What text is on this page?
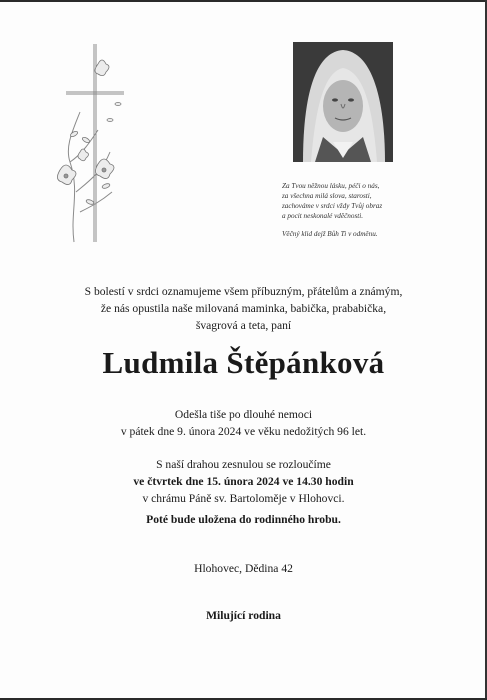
Za Tvou něžnou lásku, péči o nás,
za všechna milá slova, starosti,
zachováme v srdci vždy Tvůj obraz
a pocit neskonalé vděčnosti.
Věčný klid dejž Bůh Ti v odměnu.
S bolestí v srdci oznamujeme všem příbuzným, přátelům a známým,
že nás opustila naše milovaná maminka, babička, prababička,
švagrová a teta, paní
Ludmila Štěpánková
Odešla tiše po dlouhé nemoci
v pátek dne 9. února 2024 ve věku nedožitých 96 let.
S naší drahou zesnulou se rozloučíme
ve čtvrtek dne 15. února 2024 ve 14.30 hodin
v chrámu Páně sv. Bartoloměje v Hlohovci.
Poté bude uložena do rodinného hrobu.
Hlohovec, Dědina 42
Milující rodina
